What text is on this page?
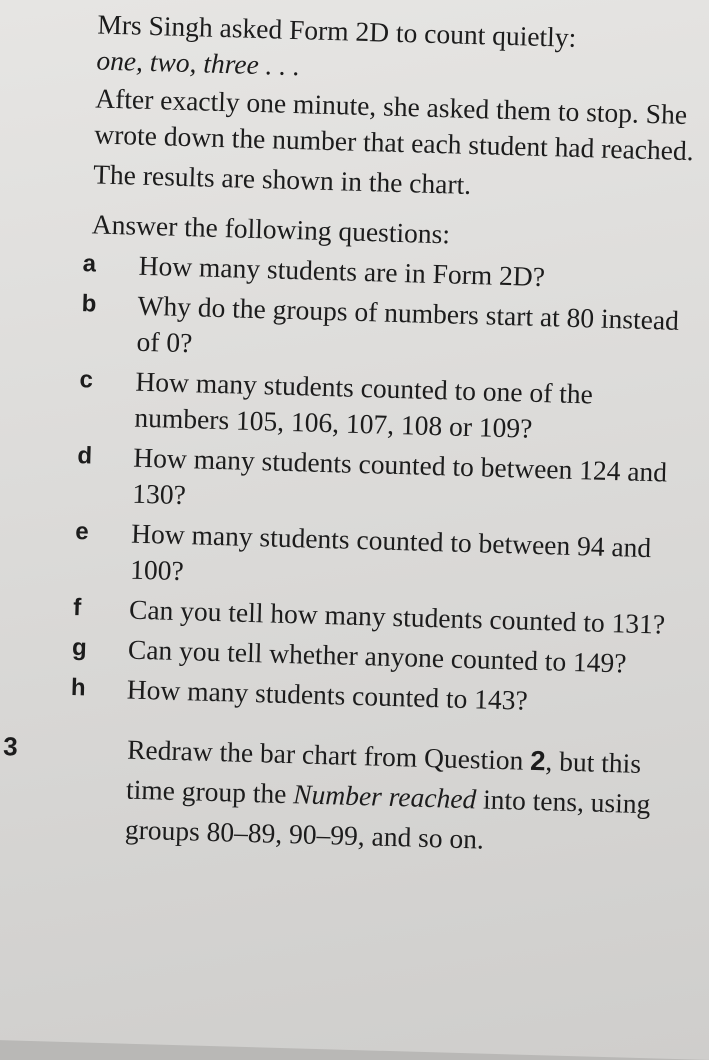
Mrs Singh asked Form 2D to count quietly:
one, two, three . . .

After exactly one minute, she asked them to stop. She wrote down the number that each student had reached.

The results are shown in the chart.

Answer the following questions:

a	How many students are in Form 2D?
b	Why do the groups of numbers start at 80 instead of 0?
c	How many students counted to one of the numbers 105, 106, 107, 108 or 109?
d	How many students counted to between 124 and 130?
e	How many students counted to between 94 and 100?
f	Can you tell how many students counted to 131?
g	Can you tell whether anyone counted to 149?
h	How many students counted to 143?
3	Redraw the bar chart from Question 2, but this time group the Number reached into tens, using groups 80–89, 90–99, and so on.
